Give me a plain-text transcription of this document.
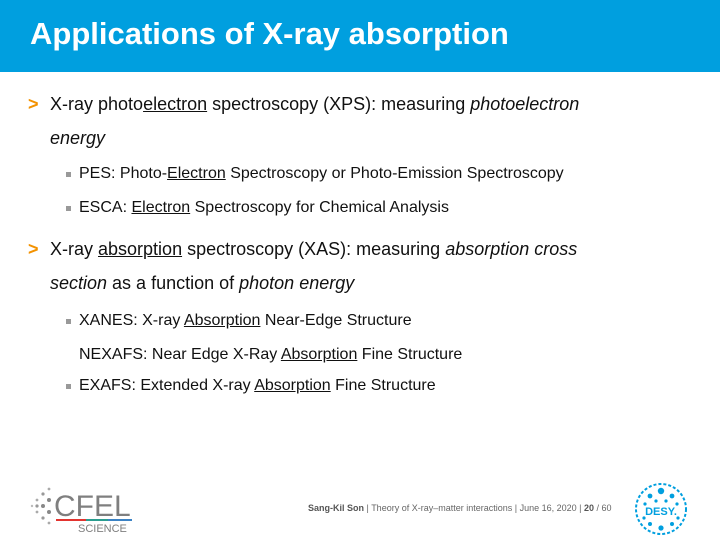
Applications of X-ray absorption
> X-ray photoelectron spectroscopy (XPS): measuring photoelectron
energy
PES: Photo-Electron Spectroscopy or Photo-Emission Spectroscopy
ESCA: Electron Spectroscopy for Chemical Analysis
> X-ray absorption spectroscopy (XAS): measuring absorption cross
section as a function of photon energy
XANES: X-ray Absorption Near-Edge Structure
NEXAFS: Near Edge X-Ray Absorption Fine Structure
EXAFS: Extended X-ray Absorption Fine Structure
CFEL
SCIENCE
Sang-Kil Son | Theory of X-ray–matter interactions | June 16, 2020 | 20 / 60	DESY.
